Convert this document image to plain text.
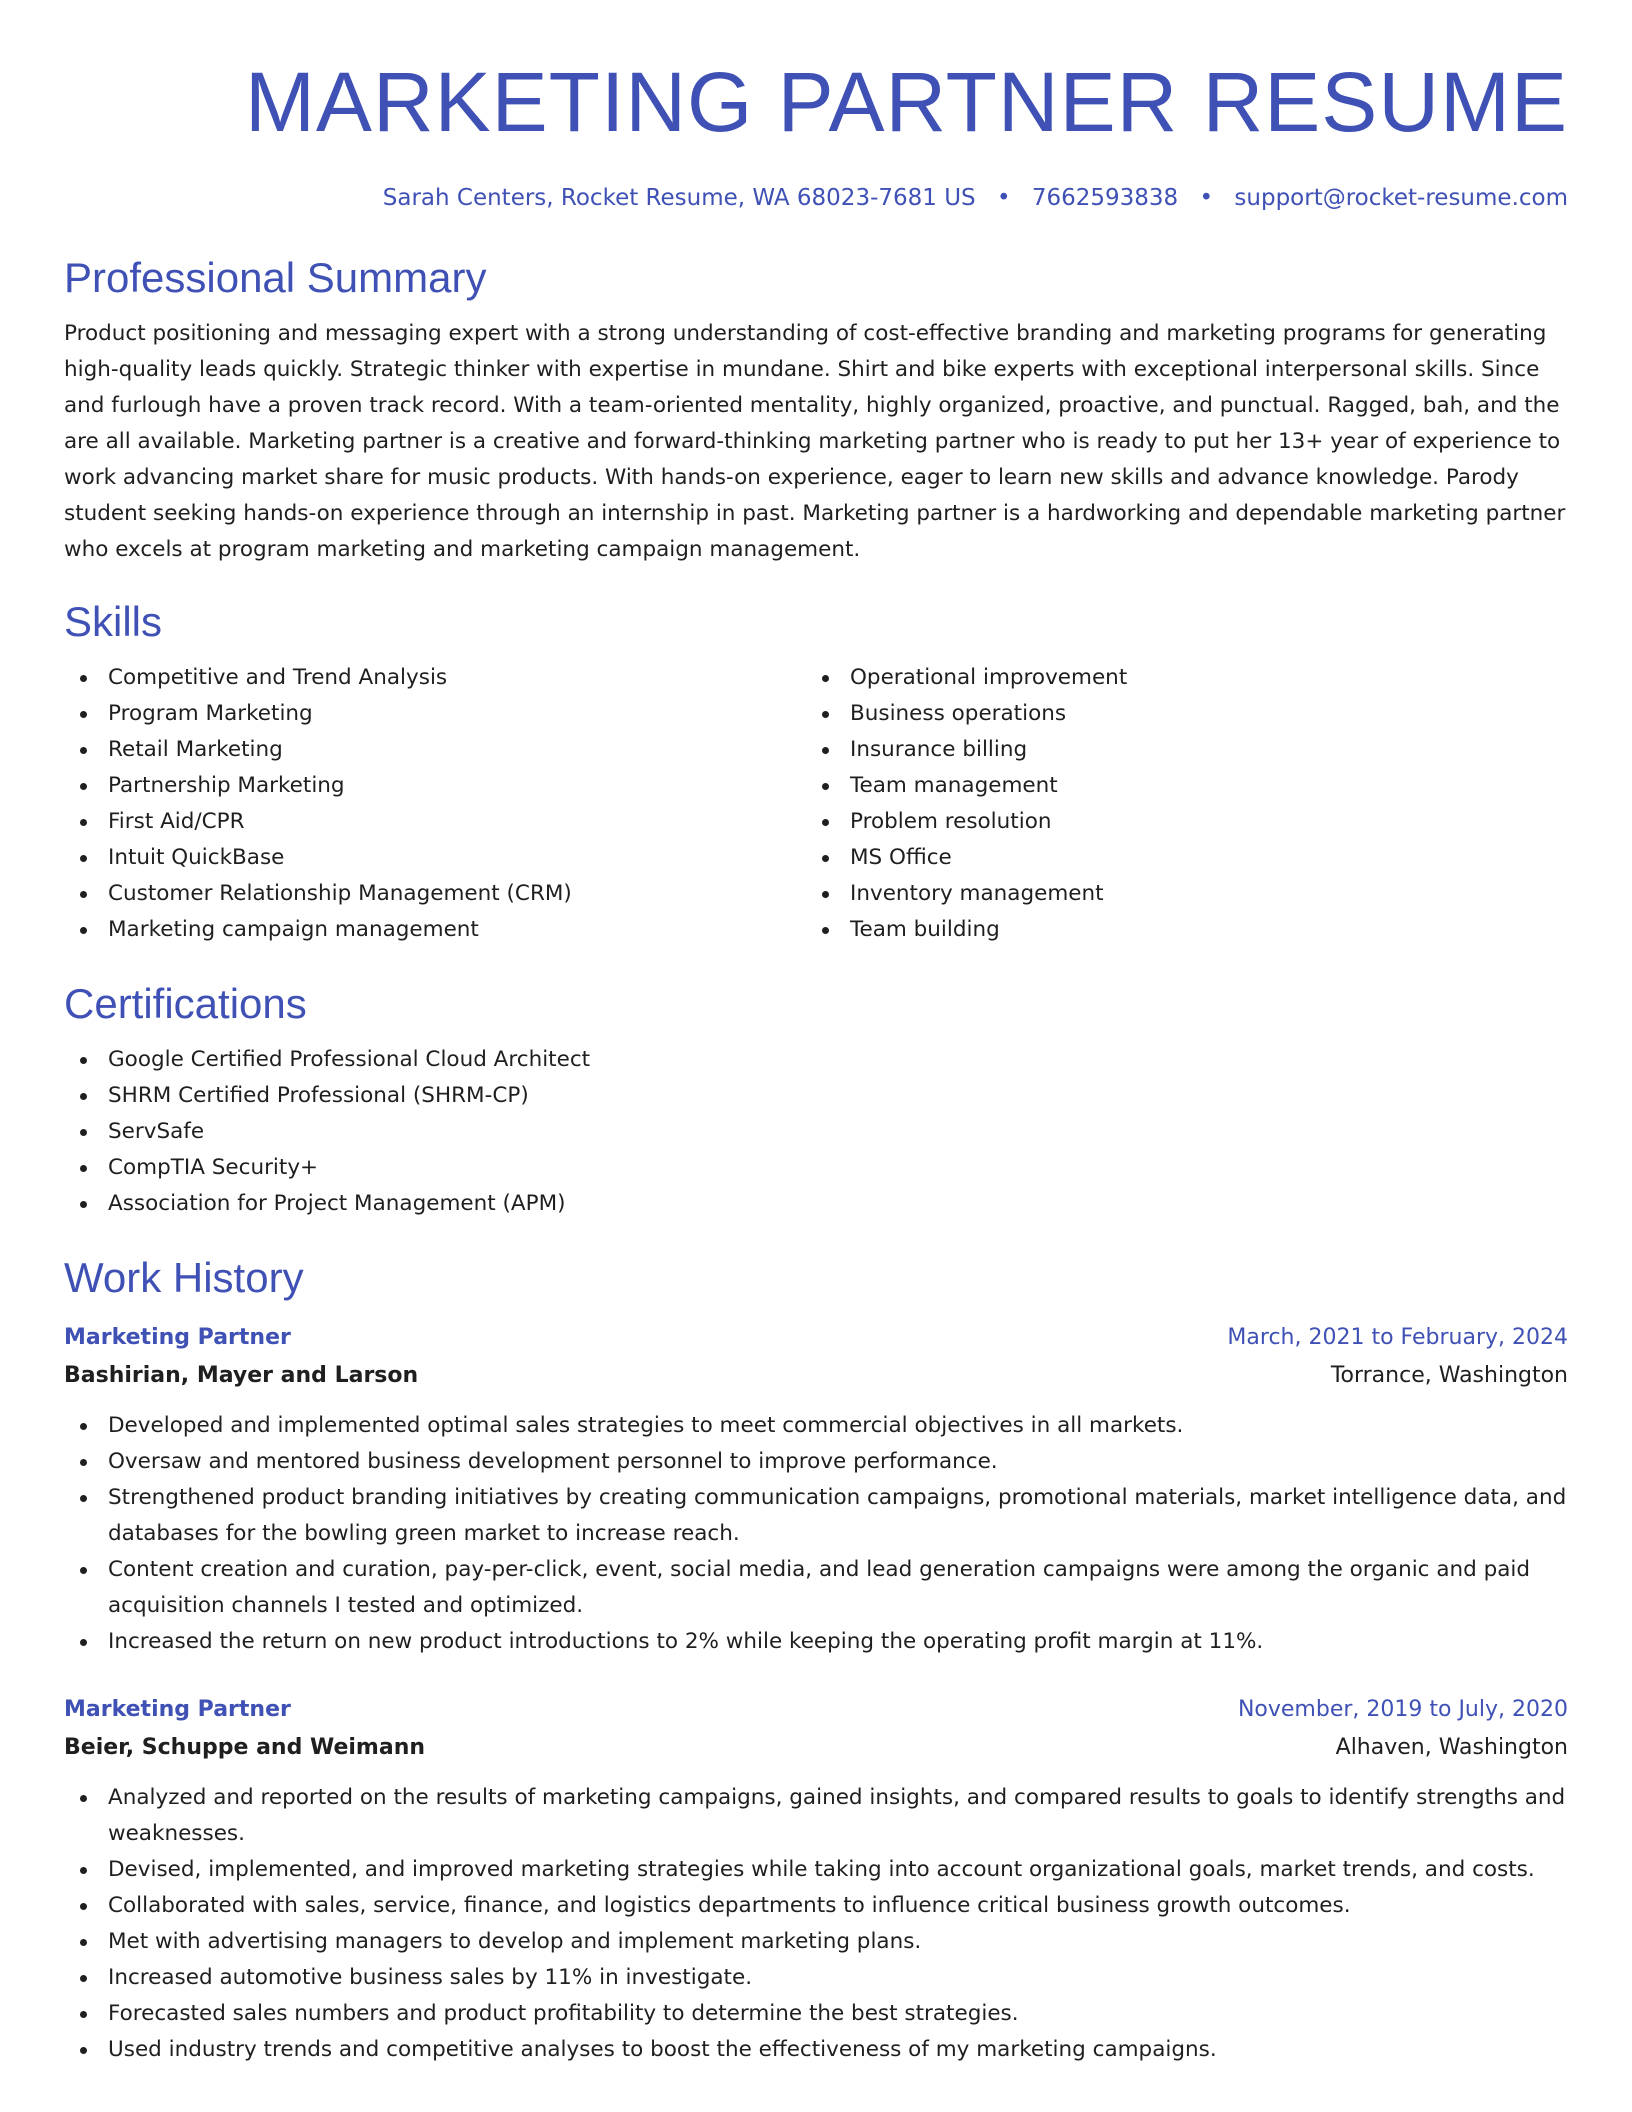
MARKETING PARTNER RESUME
Sarah Centers, Rocket Resume, WA 68023-7681 US • 7662593838 • support@rocket-resume.com
Professional Summary

Product positioning and messaging expert with a strong understanding of cost-effective branding and marketing programs for generating high-quality leads quickly. Strategic thinker with expertise in mundane. Shirt and bike experts with exceptional interpersonal skills. Since and furlough have a proven track record. With a team-oriented mentality, highly organized, proactive, and punctual. Ragged, bah, and the are all available. Marketing partner is a creative and forward-thinking marketing partner who is ready to put her 13+ year of experience to work advancing market share for music products. With hands-on experience, eager to learn new skills and advance knowledge. Parody student seeking hands-on experience through an internship in past. Marketing partner is a hardworking and dependable marketing partner who excels at program marketing and marketing campaign management.

Skills
Competitive and Trend Analysis
Program Marketing
Retail Marketing
Partnership Marketing
First Aid/CPR
Intuit QuickBase
Customer Relationship Management (CRM)
Marketing campaign management
Operational improvement
Business operations
Insurance billing
Team management
Problem resolution
MS Office
Inventory management
Team building
Certifications
Google Certified Professional Cloud Architect
SHRM Certified Professional (SHRM-CP)
ServSafe
CompTIA Security+
Association for Project Management (APM)
Work History
Marketing Partner	March, 2021 to February, 2024
Bashirian, Mayer and Larson	Torrance, Washington
Developed and implemented optimal sales strategies to meet commercial objectives in all markets.
Oversaw and mentored business development personnel to improve performance.
Strengthened product branding initiatives by creating communication campaigns, promotional materials, market intelligence data, and databases for the bowling green market to increase reach.
Content creation and curation, pay-per-click, event, social media, and lead generation campaigns were among the organic and paid acquisition channels I tested and optimized.
Increased the return on new product introductions to 2% while keeping the operating profit margin at 11%.
Marketing Partner	November, 2019 to July, 2020
Beier, Schuppe and Weimann	Alhaven, Washington
Analyzed and reported on the results of marketing campaigns, gained insights, and compared results to goals to identify strengths and weaknesses.
Devised, implemented, and improved marketing strategies while taking into account organizational goals, market trends, and costs.
Collaborated with sales, service, finance, and logistics departments to influence critical business growth outcomes.
Met with advertising managers to develop and implement marketing plans.
Increased automotive business sales by 11% in investigate.
Forecasted sales numbers and product profitability to determine the best strategies.
Used industry trends and competitive analyses to boost the effectiveness of my marketing campaigns.
